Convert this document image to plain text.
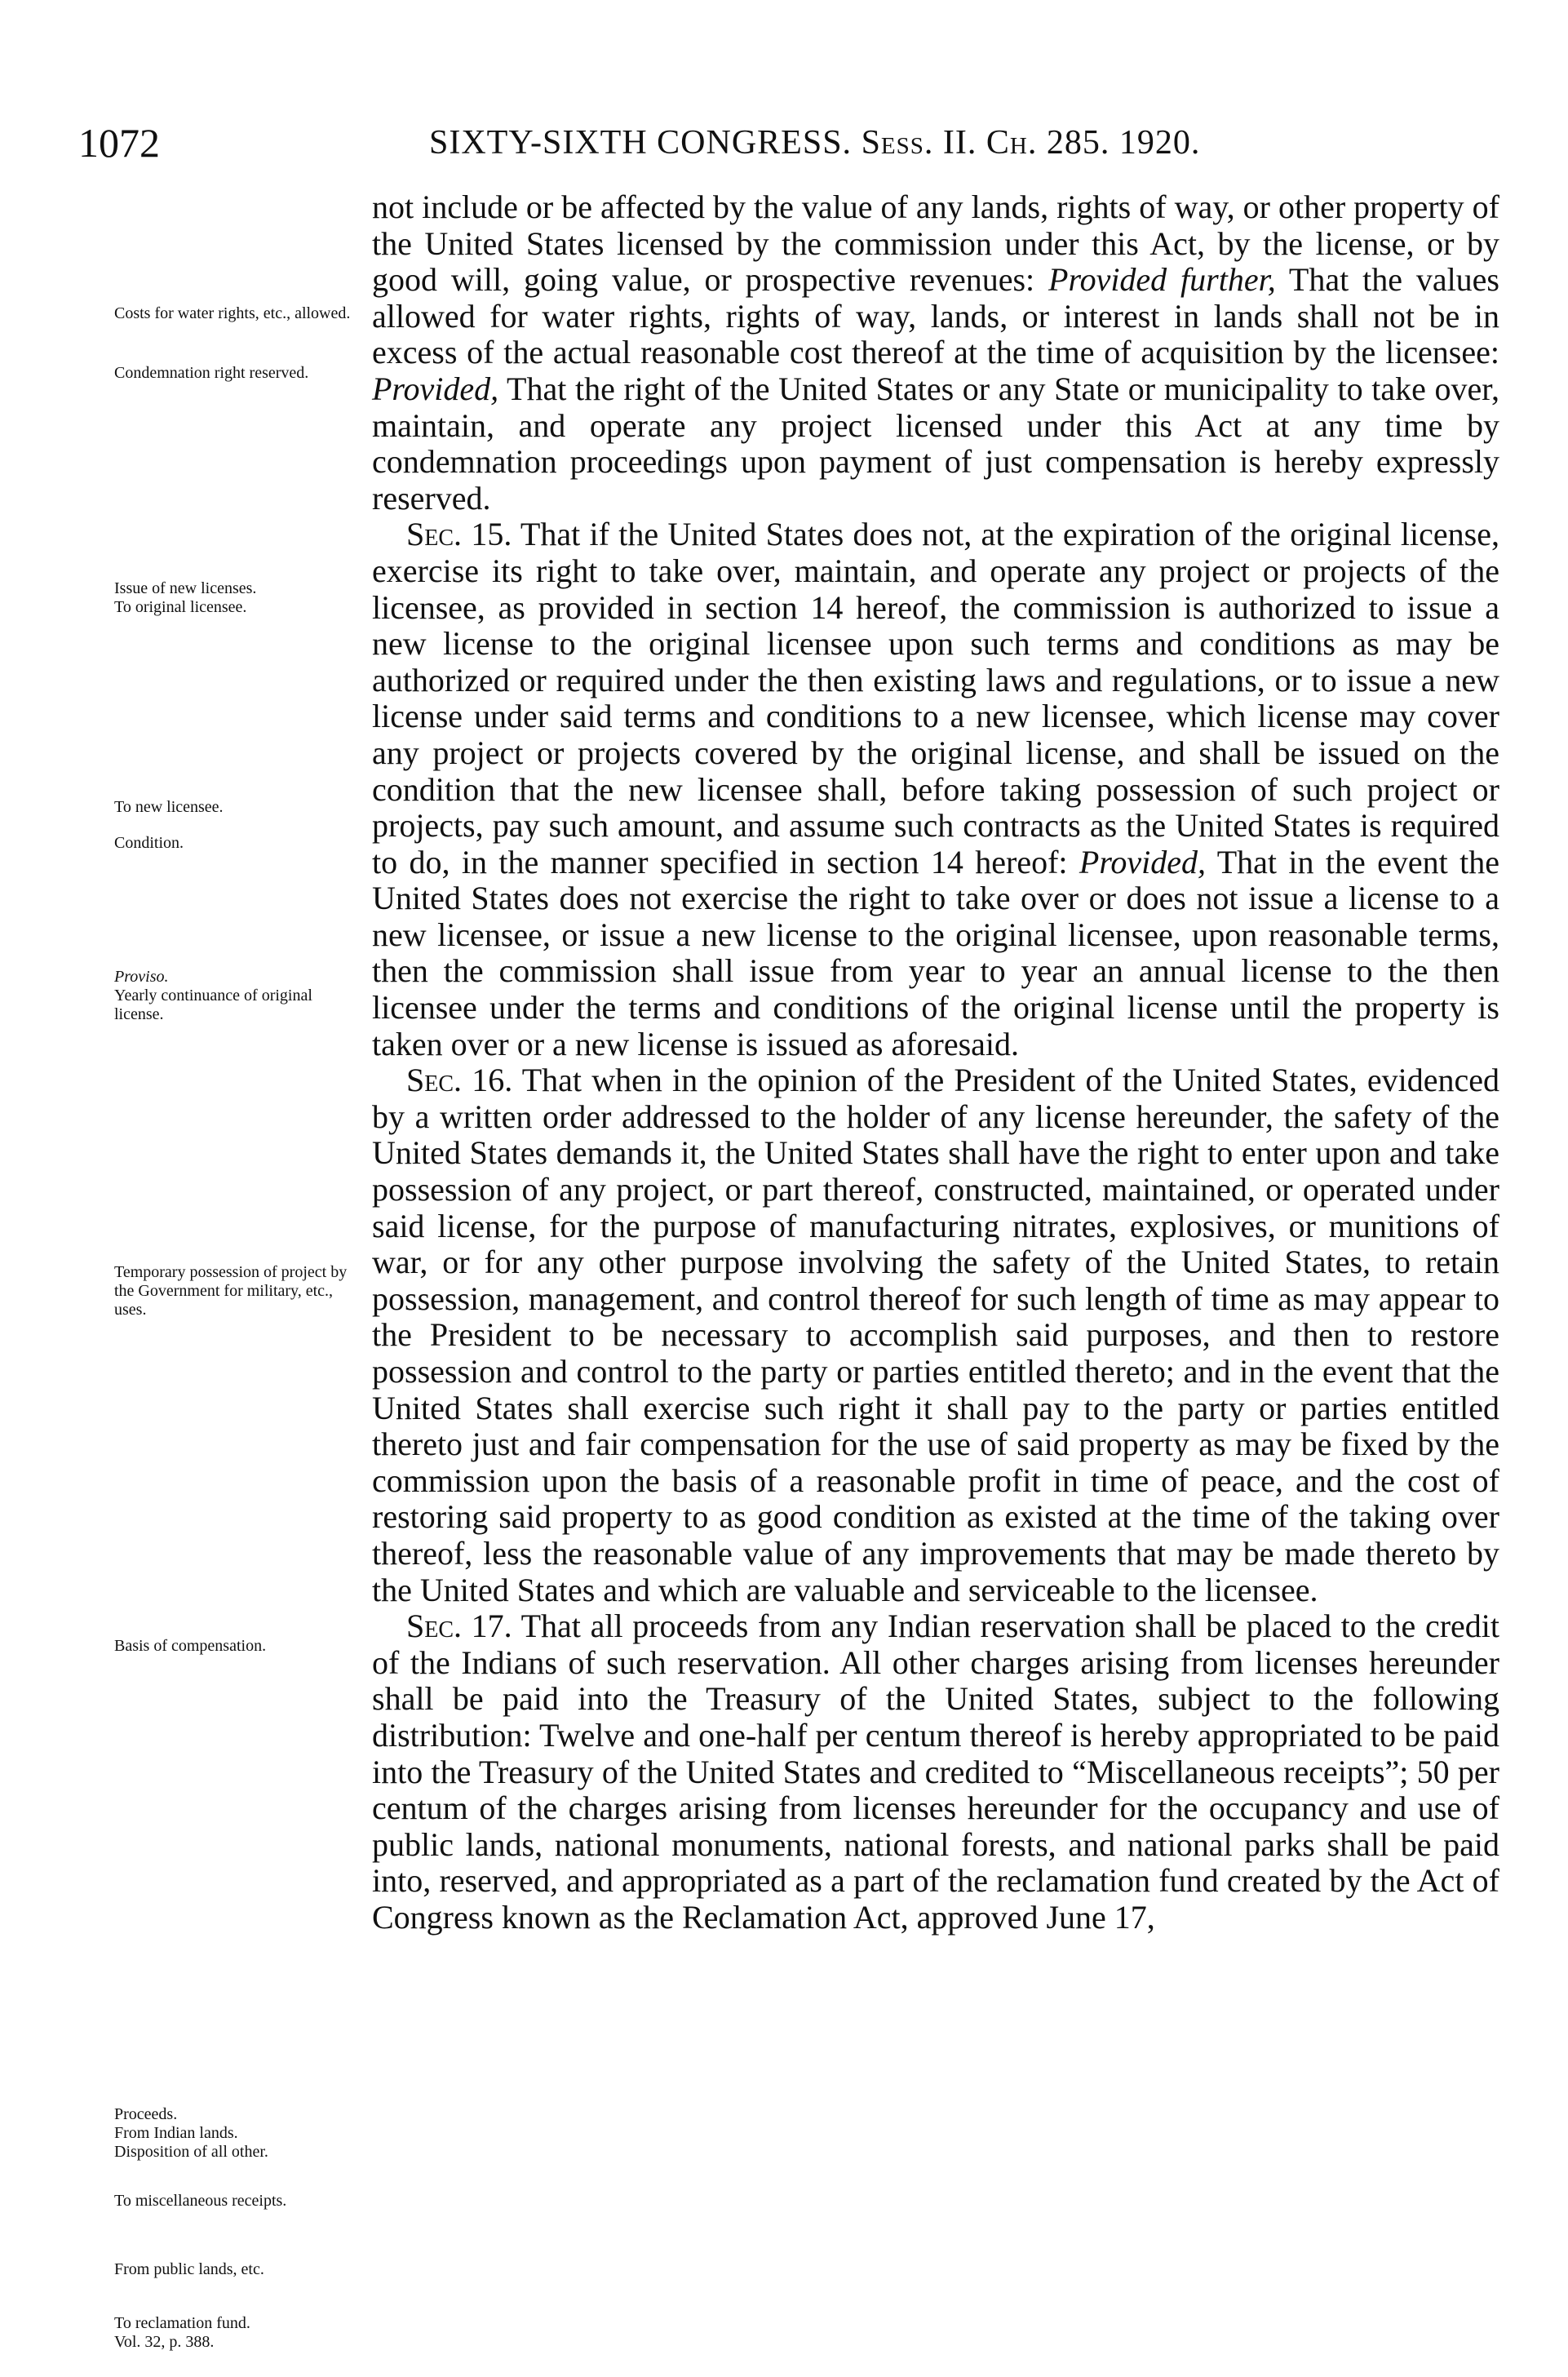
1072	SIXTY-SIXTH CONGRESS. Sess. II. Ch. 285. 1920.
Costs for water rights, etc., allowed.
Condemnation right reserved.
Issue of new licenses.
To original licensee.
To new licensee.
Condition.
Proviso.
Yearly continuance of original license.
Temporary possession of project by the Government for military, etc., uses.
Basis of compensation.
Proceeds.
From Indian lands.
Disposition of all other.
To miscellaneous receipts.
From public lands, etc.
To reclamation fund.
Vol. 32, p. 388.

not include or be affected by the value of any lands, rights of way, or other property of the United States licensed by the commission under this Act, by the license, or by good will, going value, or prospective revenues: Provided further, That the values allowed for water rights, rights of way, lands, or interest in lands shall not be in excess of the actual reasonable cost thereof at the time of acquisition by the licensee: Provided, That the right of the United States or any State or municipality to take over, maintain, and operate any project licensed under this Act at any time by condemnation proceedings upon payment of just compensation is hereby expressly reserved.

Sec. 15. That if the United States does not, at the expiration of the original license, exercise its right to take over, maintain, and operate any project or projects of the licensee, as provided in section 14 hereof, the commission is authorized to issue a new license to the original licensee upon such terms and conditions as may be authorized or required under the then existing laws and regulations, or to issue a new license under said terms and conditions to a new licensee, which license may cover any project or projects covered by the original license, and shall be issued on the condition that the new licensee shall, before taking possession of such project or projects, pay such amount, and assume such contracts as the United States is required to do, in the manner specified in section 14 hereof: Provided, That in the event the United States does not exercise the right to take over or does not issue a license to a new licensee, or issue a new license to the original licensee, upon reasonable terms, then the commission shall issue from year to year an annual license to the then licensee under the terms and conditions of the original license until the property is taken over or a new license is issued as aforesaid.

Sec. 16. That when in the opinion of the President of the United States, evidenced by a written order addressed to the holder of any license hereunder, the safety of the United States demands it, the United States shall have the right to enter upon and take possession of any project, or part thereof, constructed, maintained, or operated under said license, for the purpose of manufacturing nitrates, explosives, or munitions of war, or for any other purpose involving the safety of the United States, to retain possession, management, and control thereof for such length of time as may appear to the President to be necessary to accomplish said purposes, and then to restore possession and control to the party or parties entitled thereto; and in the event that the United States shall exercise such right it shall pay to the party or parties entitled thereto just and fair compensation for the use of said property as may be fixed by the commission upon the basis of a reasonable profit in time of peace, and the cost of restoring said property to as good condition as existed at the time of the taking over thereof, less the reasonable value of any improvements that may be made thereto by the United States and which are valuable and serviceable to the licensee.

Sec. 17. That all proceeds from any Indian reservation shall be placed to the credit of the Indians of such reservation. All other charges arising from licenses hereunder shall be paid into the Treasury of the United States, subject to the following distribution: Twelve and one-half per centum thereof is hereby appropriated to be paid into the Treasury of the United States and credited to “Miscellaneous receipts”; 50 per centum of the charges arising from licenses hereunder for the occupancy and use of public lands, national monuments, national forests, and national parks shall be paid into, reserved, and appropriated as a part of the reclamation fund created by the Act of Congress known as the Reclamation Act, approved June 17,
